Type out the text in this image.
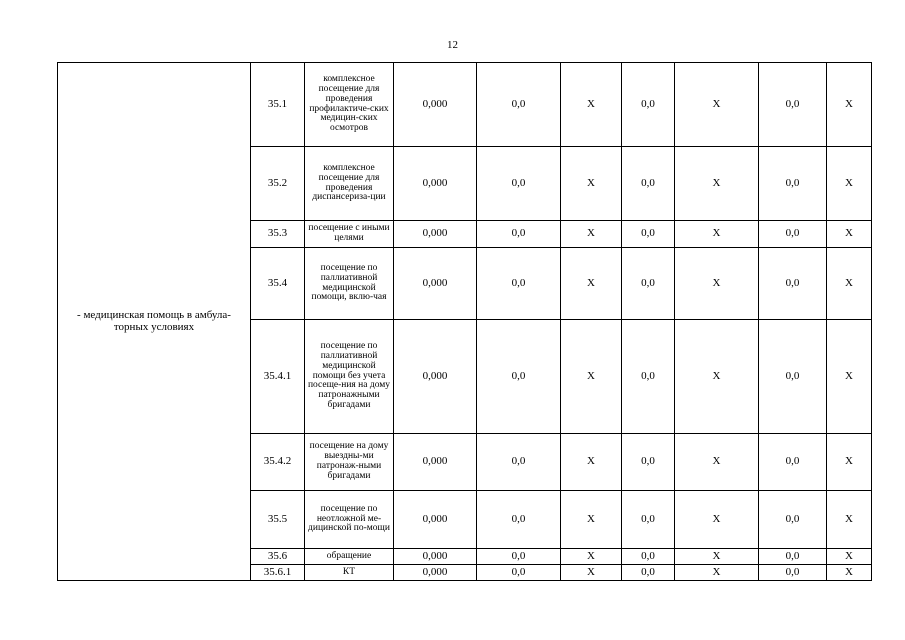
12
- медицинская помощь в амбула-торных условиях	35.1	комплексное посещение для проведения профилактиче-ских медицин-ских осмотров	0,000	0,0	Х	0,0	Х	0,0	Х
	35.2	комплексное посещение для проведения диспансериза-ции	0,000	0,0	Х	0,0	Х	0,0	Х
	35.3	посещение с иными целями	0,000	0,0	Х	0,0	Х	0,0	Х
	35.4	посещение по паллиативной медицинской помощи, вклю-чая	0,000	0,0	Х	0,0	Х	0,0	Х
	35.4.1	посещение по паллиативной медицинской помощи без учета посеще-ния на дому патронажными бригадами	0,000	0,0	Х	0,0	Х	0,0	Х
	35.4.2	посещение на дому выездны-ми патронаж-ными бригадами	0,000	0,0	Х	0,0	Х	0,0	Х
	35.5	посещение по неотложной ме-дицинской по-мощи	0,000	0,0	Х	0,0	Х	0,0	Х
	35.6	обращение	0,000	0,0	Х	0,0	Х	0,0	Х
	35.6.1	КТ	0,000	0,0	Х	0,0	Х	0,0	Х
